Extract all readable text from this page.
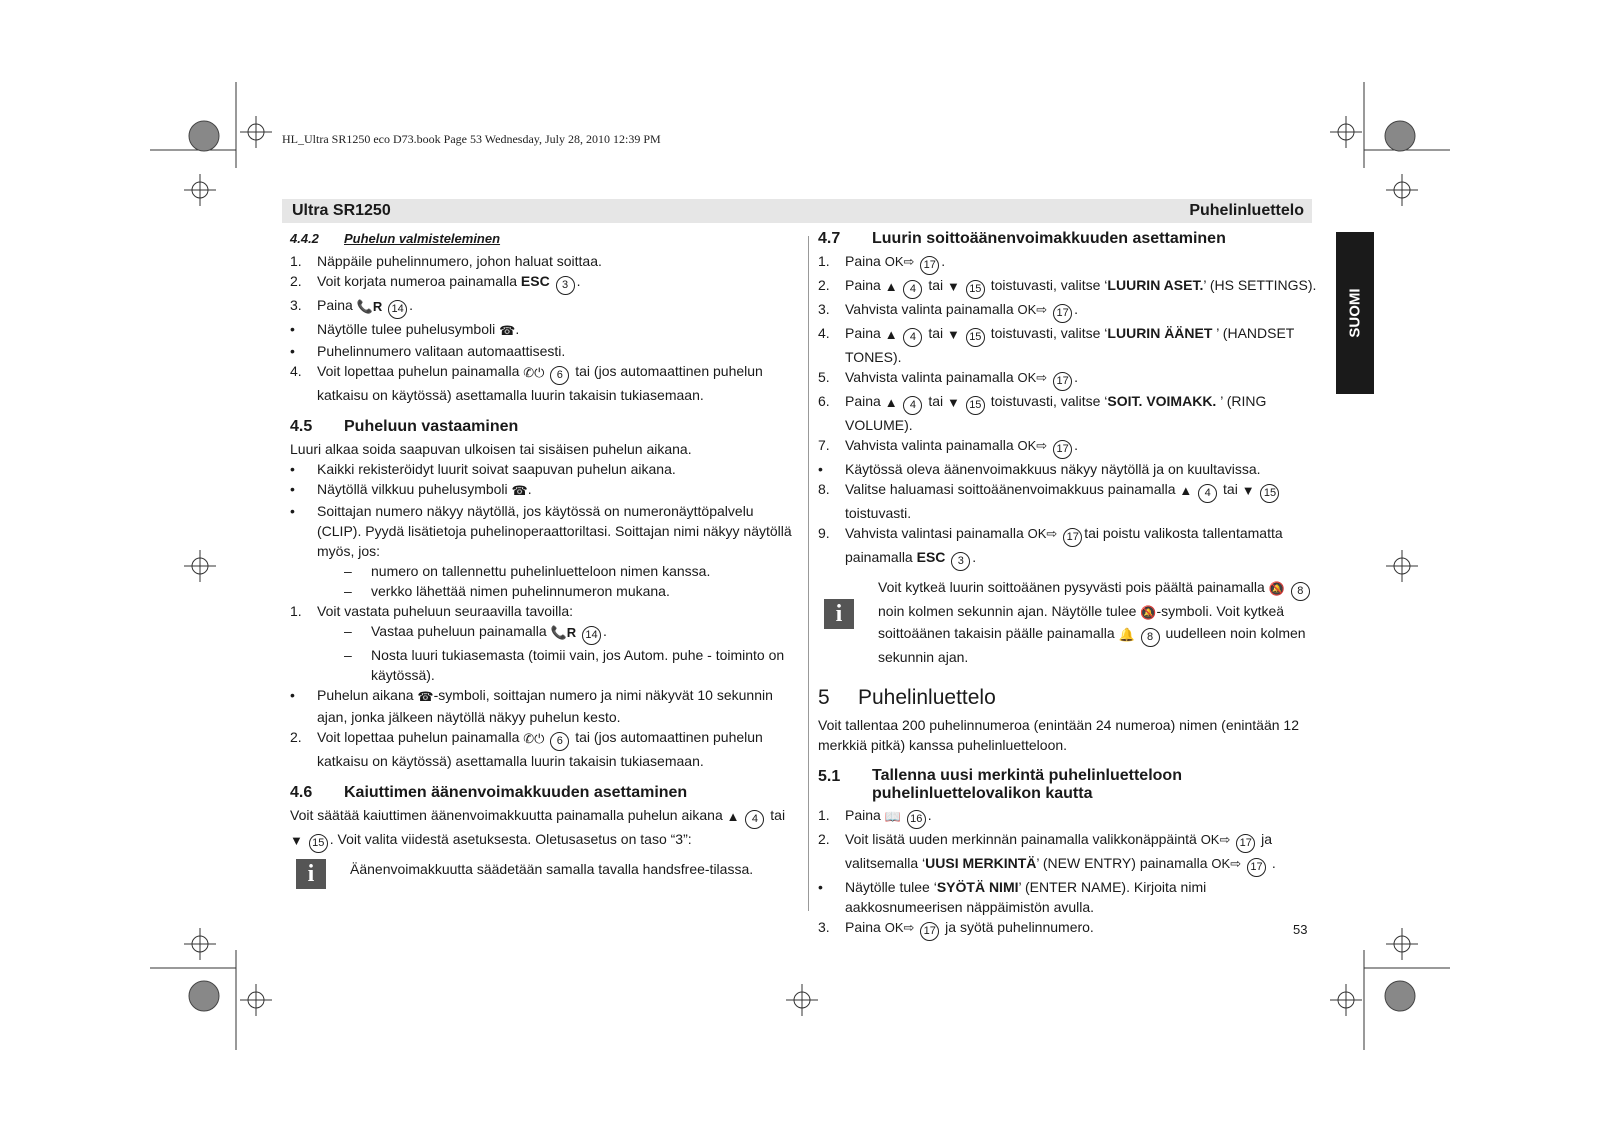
HL_Ultra SR1250 eco D73.book Page 53 Wednesday, July 28, 2010 12:39 PM
Ultra SR1250	Puhelinluettelo
SUOMI
4.4.2 Puhelun valmisteleminen
1. Näppäile puhelinnumero, johon haluat soittaa.
2. Voit korjata numeroa painamalla ESC 3 .
3. Paina 📞R 14 .
• Näytölle tulee puhelusymboli ☎.
• Puhelinnumero valitaan automaattisesti.
4. Voit lopettaa puhelun painamalla ✆⏻ 6 tai (jos automaattinen puhelun katkaisu on käytössä) asettamalla luurin takaisin tukiasemaan.
4.5 Puheluun vastaaminen

Luuri alkaa soida saapuvan ulkoisen tai sisäisen puhelun aikana.

• Kaikki rekisteröidyt luurit soivat saapuvan puhelun aikana.
• Näytöllä vilkkuu puhelusymboli ☎.
• Soittajan numero näkyy näytöllä, jos käytössä on numeronäyttöpalvelu (CLIP). Pyydä lisätietoja puhelinoperaattoriltasi. Soittajan nimi näkyy näytöllä myös, jos:
– numero on tallennettu puhelinluetteloon nimen kanssa.
– verkko lähettää nimen puhelinnumeron mukana.
1. Voit vastata puheluun seuraavilla tavoilla:
– Vastaa puheluun painamalla 📞R 14 .
– Nosta luuri tukiasemasta (toimii vain, jos Autom. puhe - toiminto on käytössä).
• Puhelun aikana ☎-symboli, soittajan numero ja nimi näkyvät 10 sekunnin ajan, jonka jälkeen näytöllä näkyy puhelun kesto.
2. Voit lopettaa puhelun painamalla ✆⏻ 6 tai (jos automaattinen puhelun katkaisu on käytössä) asettamalla luurin takaisin tukiasemaan.
4.6 Kaiuttimen äänenvoimakkuuden asettaminen

Voit säätää kaiuttimen äänenvoimakkuutta painamalla puhelun aikana ▲ 4 tai ▼ 15 . Voit valita viidestä asetuksesta. Oletusasetus on taso “3”:

i	Äänenvoimakkuutta säädetään samalla tavalla handsfree-tilassa.
4.7 Luurin soittoäänenvoimakkuuden asettaminen
1. Paina OK⇨ 17 .
2. Paina ▲ 4 tai ▼ 15 toistuvasti, valitse ‘LUURIN ASET.’ (HS SETTINGS).
3. Vahvista valinta painamalla OK⇨ 17 .
4. Paina ▲ 4 tai ▼ 15 toistuvasti, valitse ‘LUURIN ÄÄNET ’ (HANDSET TONES).
5. Vahvista valinta painamalla OK⇨ 17 .
6. Paina ▲ 4 tai ▼ 15 toistuvasti, valitse ‘SOIT. VOIMAKK. ’ (RING VOLUME).
7. Vahvista valinta painamalla OK⇨ 17 .
• Käytössä oleva äänenvoimakkuus näkyy näytöllä ja on kuultavissa.
8. Valitse haluamasi soittoäänenvoimakkuus painamalla ▲ 4 tai ▼ 15 toistuvasti.
9. Vahvista valintasi painamalla OK⇨ 17 tai poistu valikosta tallentamatta painamalla ESC 3 .
i
Voit kytkeä luurin soittoäänen pysyvästi pois päältä painamalla 🔕 8 noin kolmen sekunnin ajan. Näytölle tulee 🔕-symboli. Voit kytkeä soittoäänen takaisin päälle painamalla 🔔 8 uudelleen noin kolmen sekunnin ajan.
5 Puhelinluettelo

Voit tallentaa 200 puhelinnumeroa (enintään 24 numeroa) nimen (enintään 12 merkkiä pitkä) kanssa puhelinluetteloon.

5.1	Tallenna uusi merkintä puhelinluetteloon puhelinluettelovalikon kautta
1. Paina 📖 16 .
2. Voit lisätä uuden merkinnän painamalla valikkonäppäintä OK⇨ 17 ja valitsemalla ‘UUSI MERKINTÄ’ (NEW ENTRY) painamalla OK⇨ 17 .
• Näytölle tulee ‘SYÖTÄ NIMI’ (ENTER NAME). Kirjoita nimi aakkosnumeerisen näppäimistön avulla.
3. Paina OK⇨ 17 ja syötä puhelinnumero.	53
